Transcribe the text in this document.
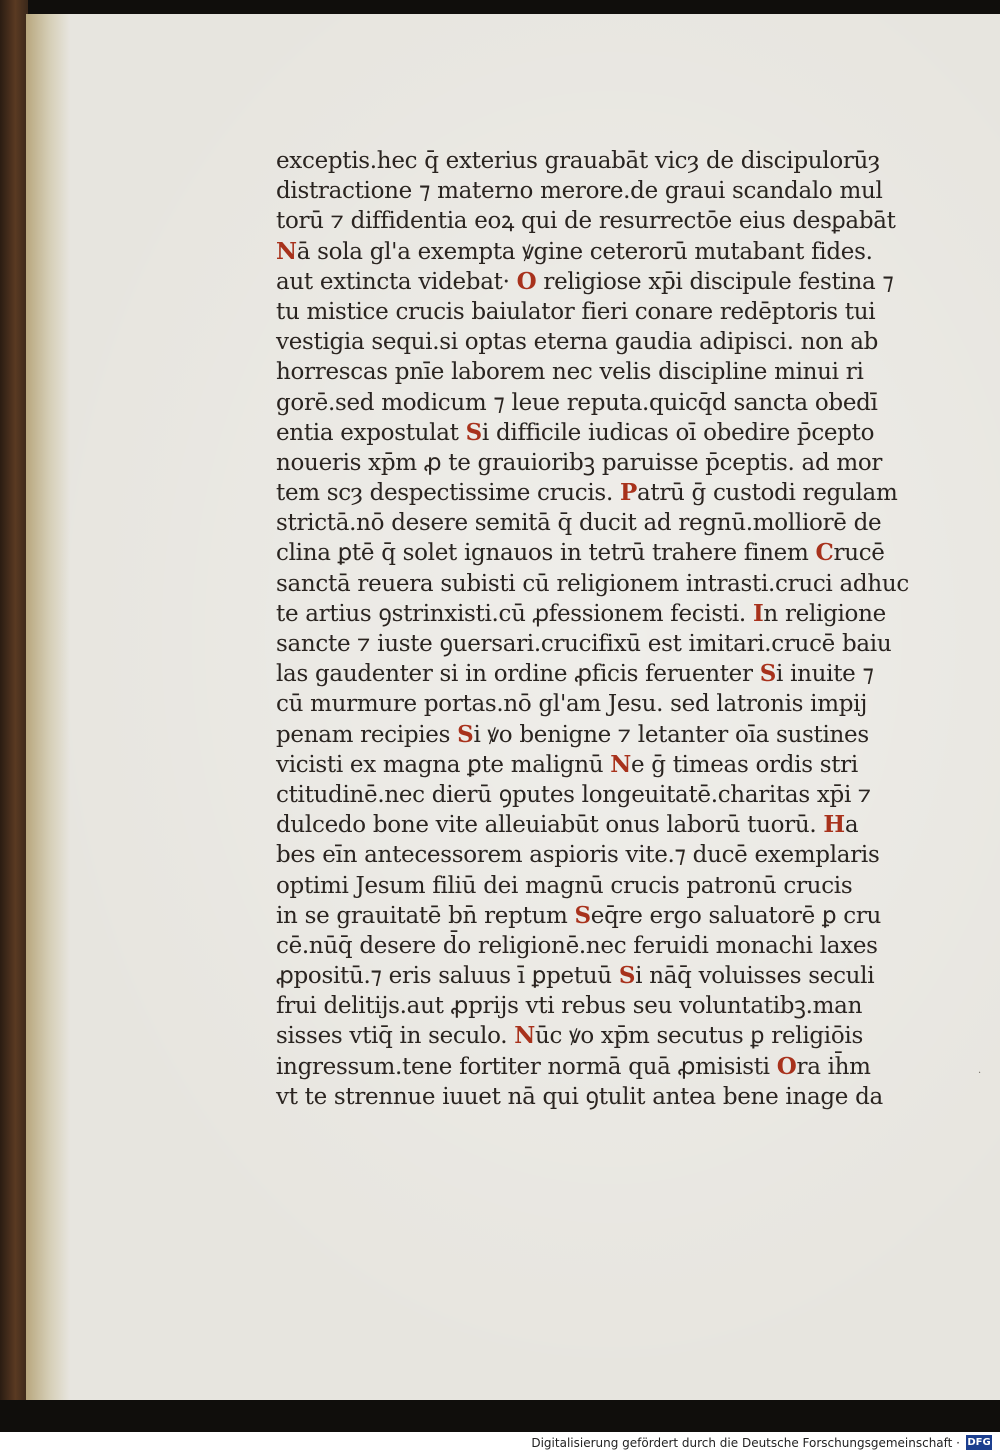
exceptis.hec q̄ exterius grauabāt vicȝ de discipulorūȝ
distractione ⁊ materno merore.de graui scandalo mul
torū ⁊ diffidentia eoꝝ qui de resurrectōe eius desꝑabāt
Nā sola gl'a exempta ꝟgine ceterorū mutabant fides.
aut extincta videbat· O religiose xp̄i discipule festina ⁊
tu mistice crucis baiulator fieri conare redēptoris tui
vestigia sequi.si optas eterna gaudia adipisci. non ab
horrescas pnīe laborem nec velis discipline minui ri
gorē.sed modicum ⁊ leue reputa.quicq̄d sancta obedī
entia expostulat Si difficile iudicas oī obedire p̄cepto
noueris xp̄m ꝓ te grauioribꝫ paruisse p̄ceptis. ad mor
tem scȝ despectissime crucis. Patrū ḡ custodi regulam
strictā.nō desere semitā q̄ ducit ad regnū.molliorē de
clina ꝑtē q̄ solet ignauos in tetrū trahere finem Crucē
sanctā reuera subisti cū religionem intrasti.cruci adhuc
te artius ꝯstrinxisti.cū ꝓfessionem fecisti. In religione
sancte ⁊ iuste ꝯuersari.crucifixū est imitari.crucē baiu
las gaudenter si in ordine ꝓficis feruenter Si inuite ⁊
cū murmure portas.nō gl'am Jesu. sed latronis impij
penam recipies Si ꝟo benigne ⁊ letanter oīa sustines
vicisti ex magna ꝑte malignū Ne ḡ timeas ordis stri
ctitudinē.nec dierū ꝯputes longeuitatē.charitas xp̄i ⁊
dulcedo bone vite alleuiabūt onus laborū tuorū. Ha
bes eīn antecessorem aspioris vite.⁊ ducē exemplaris
optimi Jesum filiū dei magnū crucis patronū crucis
in se grauitatē bn̄ reptum Seq̄re ergo saluatorē ꝑ cru
cē.nūq̄ desere d̄o religionē.nec feruidi monachi laxes
ꝓpositū.⁊ eris saluus ī ꝑpetuū Si nāq̄ voluisses seculi
frui delitijs.aut ꝓprijs vti rebus seu voluntatibꝫ.man
sisses vtiq̄ in seculo. Nūc ꝟo xp̄m secutus ꝑ religiōis
ingressum.tene fortiter normā quā ꝓmisisti Ora ih̄m
vt te strennue iuuet nā qui ꝯtulit antea bene inage da
·
Digitalisierung gefördert durch die Deutsche Forschungsgemeinschaft · DFG
